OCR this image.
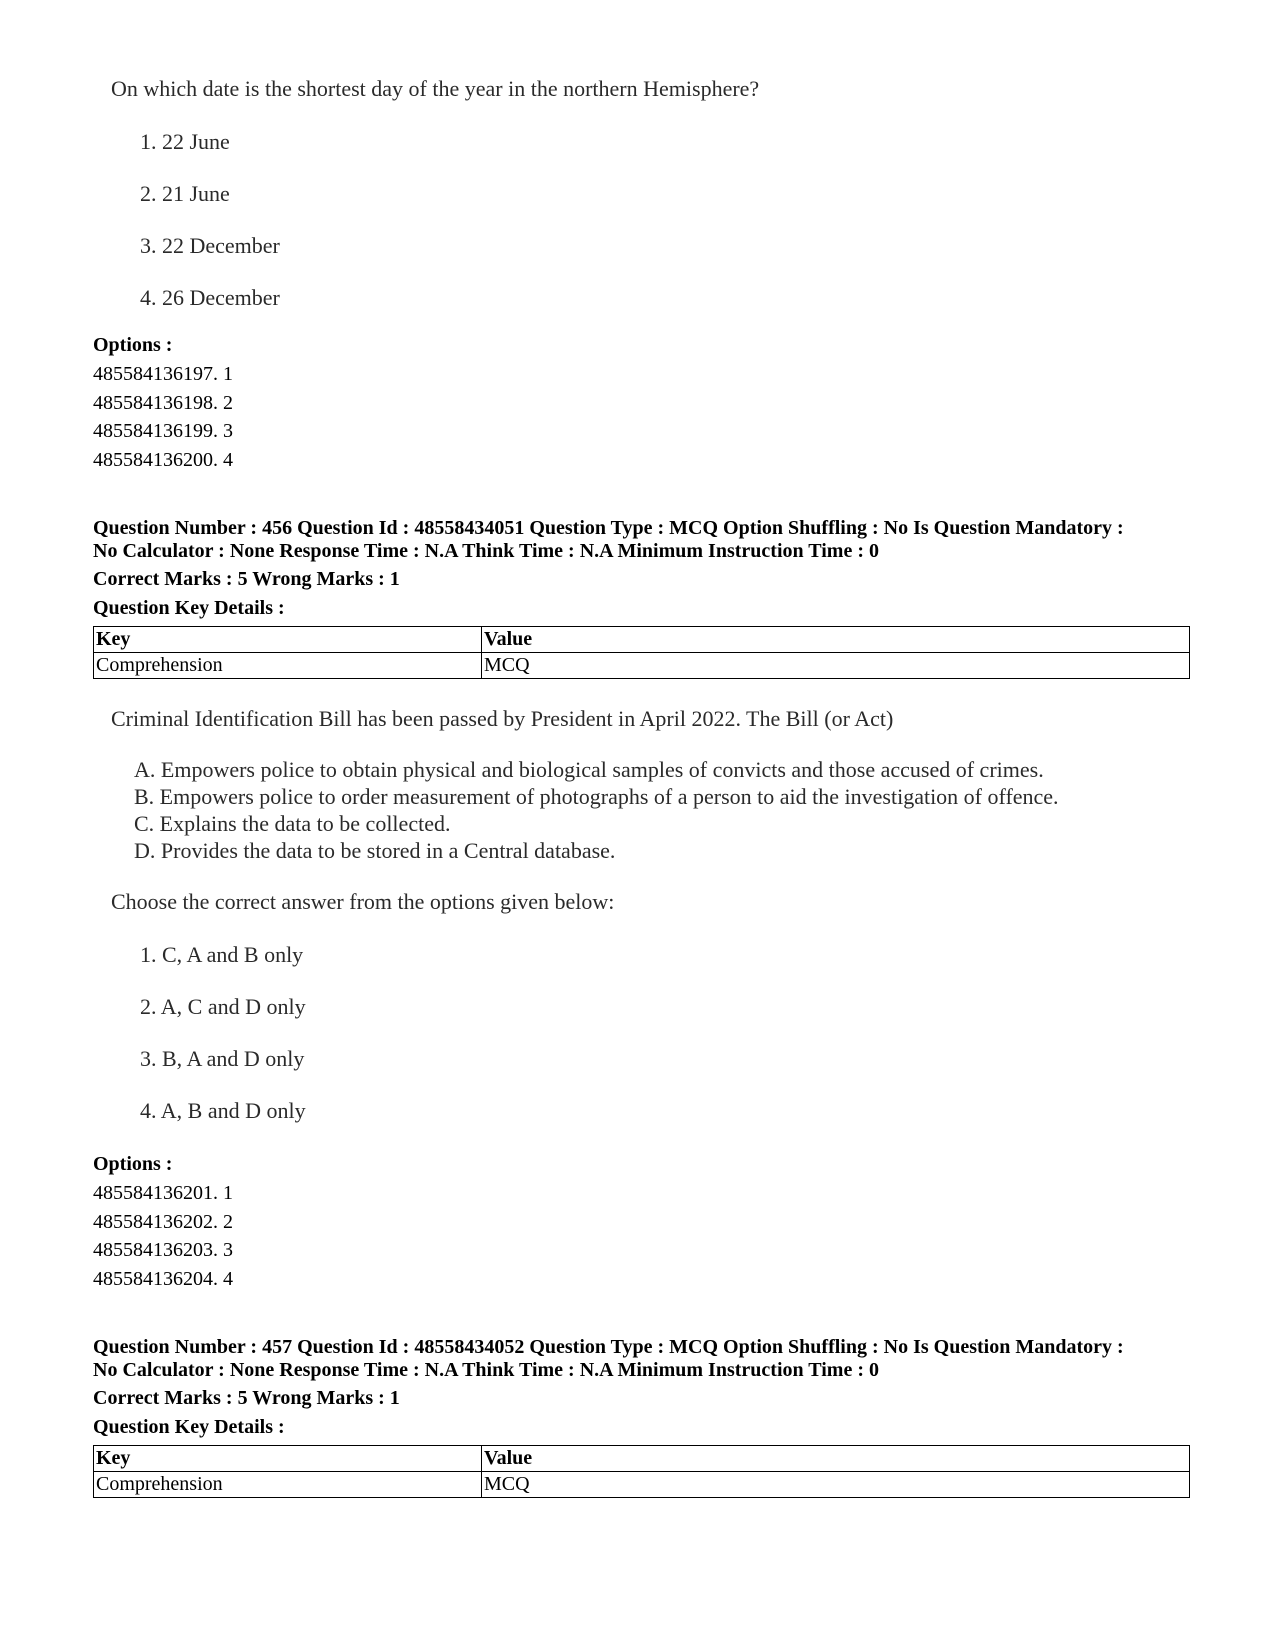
On which date is the shortest day of the year in the northern Hemisphere?
1. 22 June
2. 21 June
3. 22 December
4. 26 December
Options :
485584136197. 1
485584136198. 2
485584136199. 3
485584136200. 4
Question Number : 456 Question Id : 48558434051 Question Type : MCQ Option Shuffling : No Is Question Mandatory :
No Calculator : None Response Time : N.A Think Time : N.A Minimum Instruction Time : 0
Correct Marks : 5 Wrong Marks : 1
Question Key Details :
Key	Value
Comprehension	MCQ
Criminal Identification Bill has been passed by President in April 2022. The Bill (or Act)
A. Empowers police to obtain physical and biological samples of convicts and those accused of crimes.
B. Empowers police to order measurement of photographs of a person to aid the investigation of offence.
C. Explains the data to be collected.
D. Provides the data to be stored in a Central database.
Choose the correct answer from the options given below:
1. C, A and B only
2. A, C and D only
3. B, A and D only
4. A, B and D only
Options :
485584136201. 1
485584136202. 2
485584136203. 3
485584136204. 4
Question Number : 457 Question Id : 48558434052 Question Type : MCQ Option Shuffling : No Is Question Mandatory :
No Calculator : None Response Time : N.A Think Time : N.A Minimum Instruction Time : 0
Correct Marks : 5 Wrong Marks : 1
Question Key Details :
Key	Value
Comprehension	MCQ
